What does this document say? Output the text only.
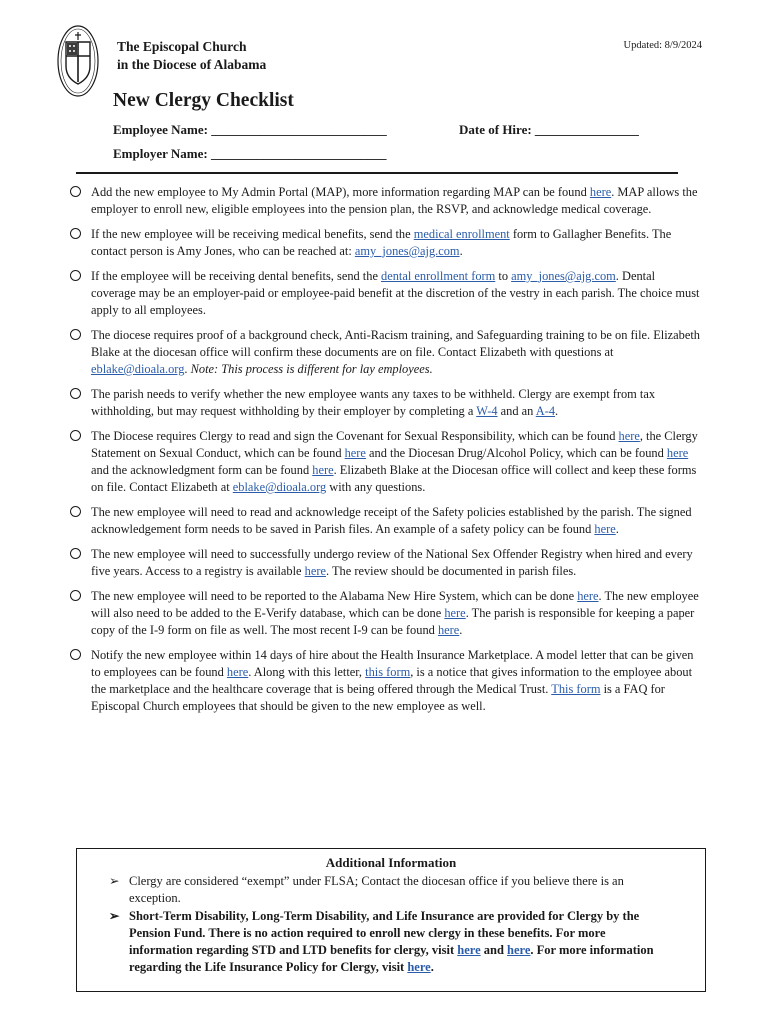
The Episcopal Church
in the Diocese of Alabama
Updated: 8/9/2024
New Clergy Checklist
Employee Name: ___________________________	Date of Hire: ________________
Employer Name: ___________________________
Add the new employee to My Admin Portal (MAP), more information regarding MAP can be found here. MAP allows the employer to enroll new, eligible employees into the pension plan, the RSVP, and acknowledge medical coverage.
If the new employee will be receiving medical benefits, send the medical enrollment form to Gallagher Benefits. The contact person is Amy Jones, who can be reached at: amy_jones@ajg.com.
If the employee will be receiving dental benefits, send the dental enrollment form to amy_jones@ajg.com. Dental coverage may be an employer-paid or employee-paid benefit at the discretion of the vestry in each parish. The choice must apply to all employees.
The diocese requires proof of a background check, Anti-Racism training, and Safeguarding training to be on file. Elizabeth Blake at the diocesan office will confirm these documents are on file. Contact Elizabeth with questions at eblake@dioala.org. Note: This process is different for lay employees.
The parish needs to verify whether the new employee wants any taxes to be withheld. Clergy are exempt from tax withholding, but may request withholding by their employer by completing a W-4 and an A-4.
The Diocese requires Clergy to read and sign the Covenant for Sexual Responsibility, which can be found here, the Clergy Statement on Sexual Conduct, which can be found here and the Diocesan Drug/Alcohol Policy, which can be found here and the acknowledgment form can be found here. Elizabeth Blake at the Diocesan office will collect and keep these forms on file. Contact Elizabeth at eblake@dioala.org with any questions.
The new employee will need to read and acknowledge receipt of the Safety policies established by the parish. The signed acknowledgement form needs to be saved in Parish files. An example of a safety policy can be found here.
The new employee will need to successfully undergo review of the National Sex Offender Registry when hired and every five years. Access to a registry is available here. The review should be documented in parish files.
The new employee will need to be reported to the Alabama New Hire System, which can be done here. The new employee will also need to be added to the E-Verify database, which can be done here. The parish is responsible for keeping a paper copy of the I-9 form on file as well. The most recent I-9 can be found here.
Notify the new employee within 14 days of hire about the Health Insurance Marketplace. A model letter that can be given to employees can be found here. Along with this letter, this form, is a notice that gives information to the employee about the marketplace and the healthcare coverage that is being offered through the Medical Trust. This form is a FAQ for Episcopal Church employees that should be given to the new employee as well.
Additional Information
➢ Clergy are considered “exempt” under FLSA; Contact the diocesan office if you believe there is an exception.
➢ Short-Term Disability, Long-Term Disability, and Life Insurance are provided for Clergy by the Pension Fund. There is no action required to enroll new clergy in these benefits. For more information regarding STD and LTD benefits for clergy, visit here and here. For more information regarding the Life Insurance Policy for Clergy, visit here.
